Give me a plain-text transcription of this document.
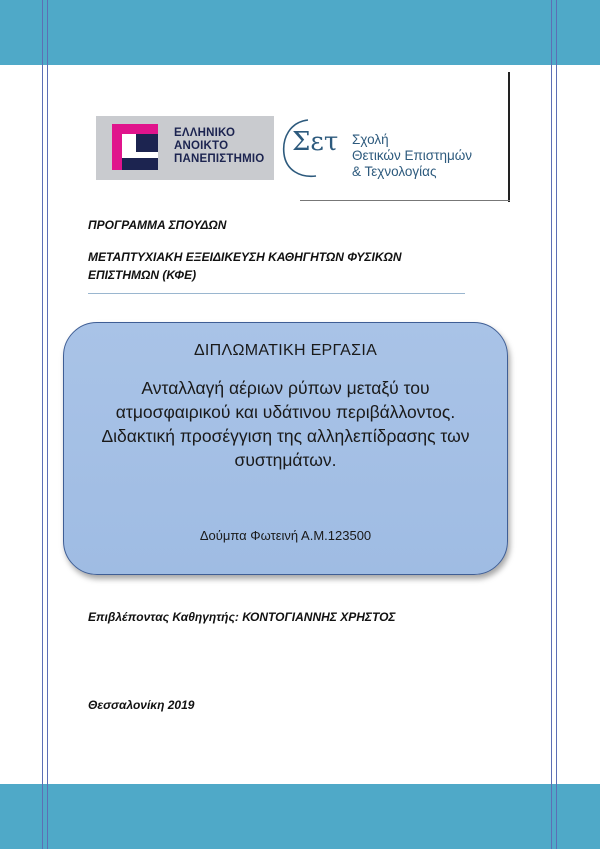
ΕΛΛΗΝΙΚΟ
ΑΝΟΙΚΤΟ
ΠΑΝΕΠΙΣΤΗΜΙΟ
Σετ Σχολή
Θετικών Επιστημών
& Τεχνολογίας
ΠΡΟΓΡΑΜΜΑ ΣΠΟΥΔΩΝ
ΜΕΤΑΠΤΥΧΙΑΚΗ ΕΞΕΙΔΙΚΕΥΣΗ ΚΑΘΗΓΗΤΩΝ ΦΥΣΙΚΩΝ
ΕΠΙΣΤΗΜΩΝ (ΚΦΕ)
ΔΙΠΛΩΜΑΤΙΚΗ ΕΡΓΑΣΙΑ
Ανταλλαγή αέριων ρύπων μεταξύ του
ατμοσφαιρικού και υδάτινου περιβάλλοντος.
Διδακτική προσέγγιση της αλληλεπίδρασης των
συστημάτων.
Δούμπα Φωτεινή Α.Μ.123500
Επιβλέποντας Καθηγητής: ΚΟΝΤΟΓΙΑΝΝΗΣ ΧΡΗΣΤΟΣ
Θεσσαλονίκη 2019
